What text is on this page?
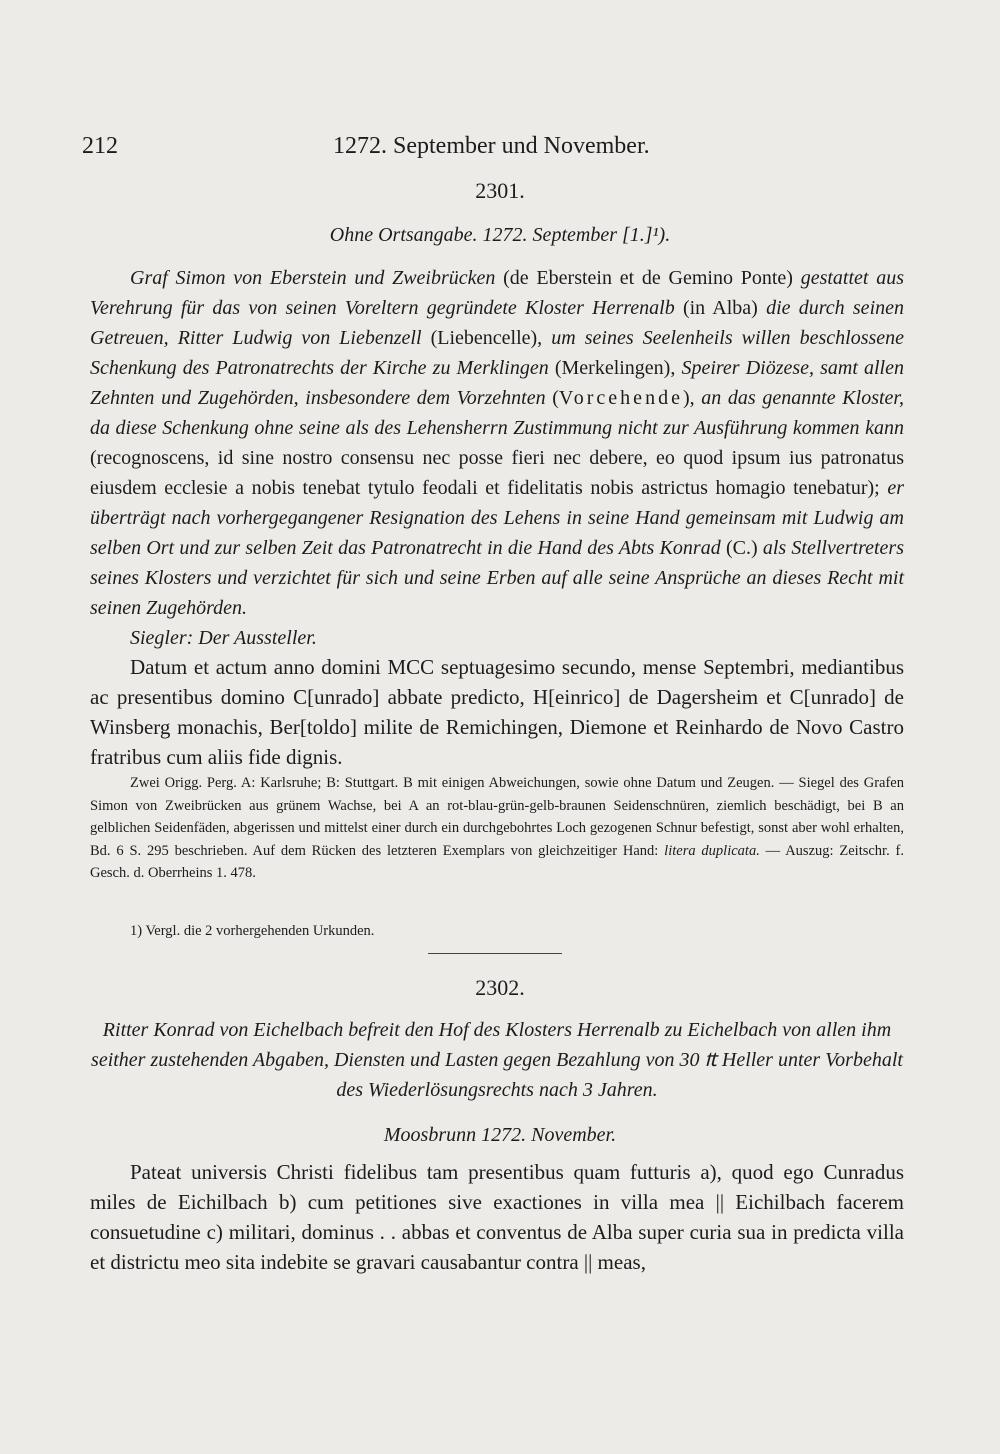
212	1272. September und November.
2301.
Ohne Ortsangabe. 1272. September [1.]¹).

Graf Simon von Eberstein und Zweibrücken (de Eberstein et de Gemino Ponte) gestattet aus Verehrung für das von seinen Voreltern gegründete Kloster Herrenalb (in Alba) die durch seinen Getreuen, Ritter Ludwig von Liebenzell (Liebencelle), um seines Seelenheils willen beschlossene Schenkung des Patronatrechts der Kirche zu Merklingen (Merkelingen), Speirer Diözese, samt allen Zehnten und Zugehörden, insbesondere dem Vorzehnten (Vorcehende), an das genannte Kloster, da diese Schenkung ohne seine als des Lehensherrn Zustimmung nicht zur Ausführung kommen kann (recognoscens, id sine nostro consensu nec posse fieri nec debere, eo quod ipsum ius patronatus eiusdem ecclesie a nobis tenebat tytulo feodali et fidelitatis nobis astrictus homagio tenebatur); er überträgt nach vorhergegangener Resignation des Lehens in seine Hand gemeinsam mit Ludwig am selben Ort und zur selben Zeit das Patronatrecht in die Hand des Abts Konrad (C.) als Stellvertreters seines Klosters und verzichtet für sich und seine Erben auf alle seine Ansprüche an dieses Recht mit seinen Zugehörden.

Siegler: Der Aussteller.

Datum et actum anno domini MCC septuagesimo secundo, mense Septembri, mediantibus ac presentibus domino C[unrado] abbate predicto, H[einrico] de Dagersheim et C[unrado] de Winsberg monachis, Ber[toldo] milite de Remichingen, Diemone et Reinhardo de Novo Castro fratribus cum aliis fide dignis.
Zwei Origg. Perg. A: Karlsruhe; B: Stuttgart. B mit einigen Abweichungen, sowie ohne Datum und Zeugen. — Siegel des Grafen Simon von Zweibrücken aus grünem Wachse, bei A an rot-blau-grün-gelb-braunen Seidenschnüren, ziemlich beschädigt, bei B an gelblichen Seidenfäden, abgerissen und mittelst einer durch ein durchgebohrtes Loch gezogenen Schnur befestigt, sonst aber wohl erhalten, Bd. 6 S. 295 beschrieben. Auf dem Rücken des letzteren Exemplars von gleichzeitiger Hand: litera duplicata. — Auszug: Zeitschr. f. Gesch. d. Oberrheins 1. 478.
1) Vergl. die 2 vorhergehenden Urkunden.
2302.
Ritter Konrad von Eichelbach befreit den Hof des Klosters Herrenalb zu Eichelbach von allen ihm seither zustehenden Abgaben, Diensten und Lasten gegen Bezahlung von 30 ₶ Heller unter Vorbehalt des Wiederlösungsrechts nach 3 Jahren.
Moosbrunn 1272. November.
Pateat universis Christi fidelibus tam presentibus quam futturis a), quod ego Cunradus miles de Eichilbach b) cum petitiones sive exactiones in villa mea || Eichilbach facerem consuetudine c) militari, dominus . . abbas et conventus de Alba super curia sua in predicta villa et districtu meo sita indebite se gravari causabantur contra || meas,
